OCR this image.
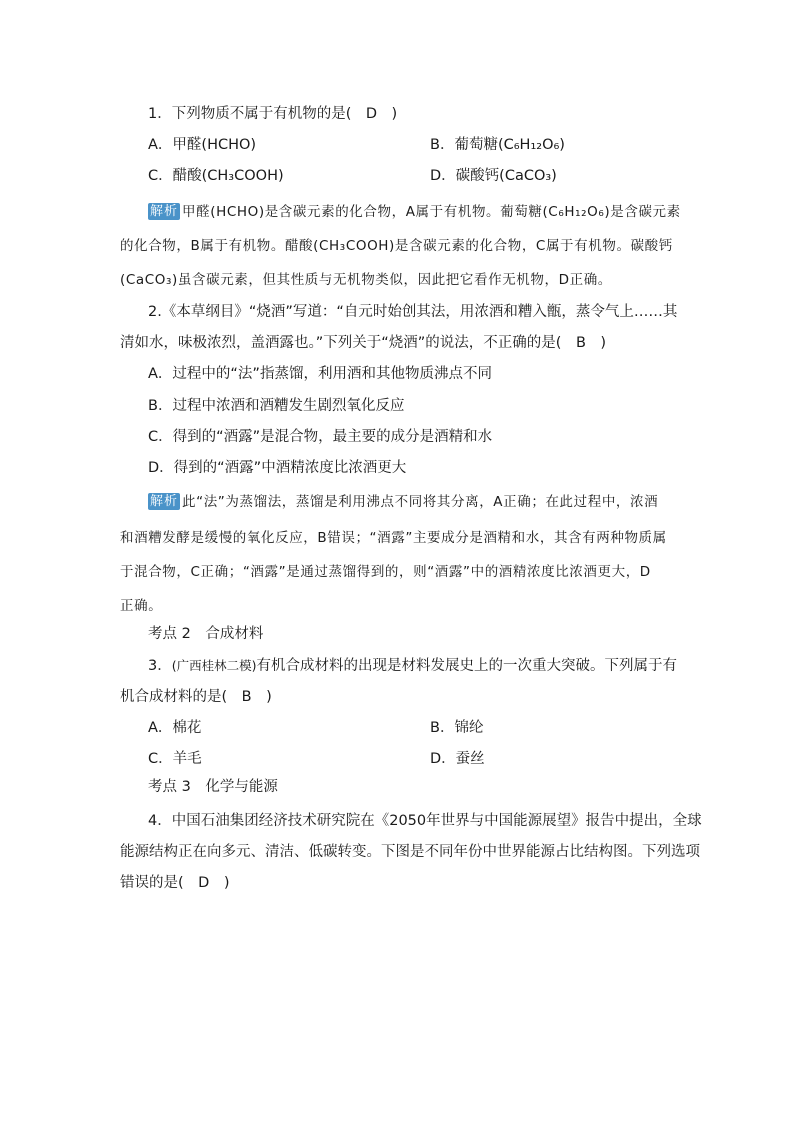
1．下列物质不属于有机物的是(　D　)
A．甲醛(HCHO)	B．葡萄糖(C₆H₁₂O₆)
C．醋酸(CH₃COOH)	D．碳酸钙(CaCO₃)
解析 甲醛(HCHO)是含碳元素的化合物，A属于有机物。葡萄糖(C₆H₁₂O₆)是含碳元素
的化合物，B属于有机物。醋酸(CH₃COOH)是含碳元素的化合物，C属于有机物。碳酸钙
(CaCO₃)虽含碳元素，但其性质与无机物类似，因此把它看作无机物，D正确。
2.《本草纲目》“烧酒”写道：“自元时始创其法，用浓酒和糟入甑，蒸令气上……其
清如水，味极浓烈，盖酒露也。”下列关于“烧酒”的说法，不正确的是(　B　)
A．过程中的“法”指蒸馏，利用酒和其他物质沸点不同
B．过程中浓酒和酒糟发生剧烈氧化反应
C．得到的“酒露”是混合物，最主要的成分是酒精和水
D．得到的“酒露”中酒精浓度比浓酒更大
解析 此“法”为蒸馏法，蒸馏是利用沸点不同将其分离，A正确；在此过程中，浓酒
和酒糟发酵是缓慢的氧化反应，B错误；“酒露”主要成分是酒精和水，其含有两种物质属
于混合物，C正确；“酒露”是通过蒸馏得到的，则“酒露”中的酒精浓度比浓酒更大，D
正确。
考点 2　合成材料
3．(广西桂林二模)有机合成材料的出现是材料发展史上的一次重大突破。下列属于有
机合成材料的是(　B　)
A．棉花	B．锦纶
C．羊毛	D．蚕丝
考点 3　化学与能源
4．中国石油集团经济技术研究院在《2050年世界与中国能源展望》报告中提出，全球
能源结构正在向多元、清洁、低碳转变。下图是不同年份中世界能源占比结构图。下列选项
错误的是(　D　)
